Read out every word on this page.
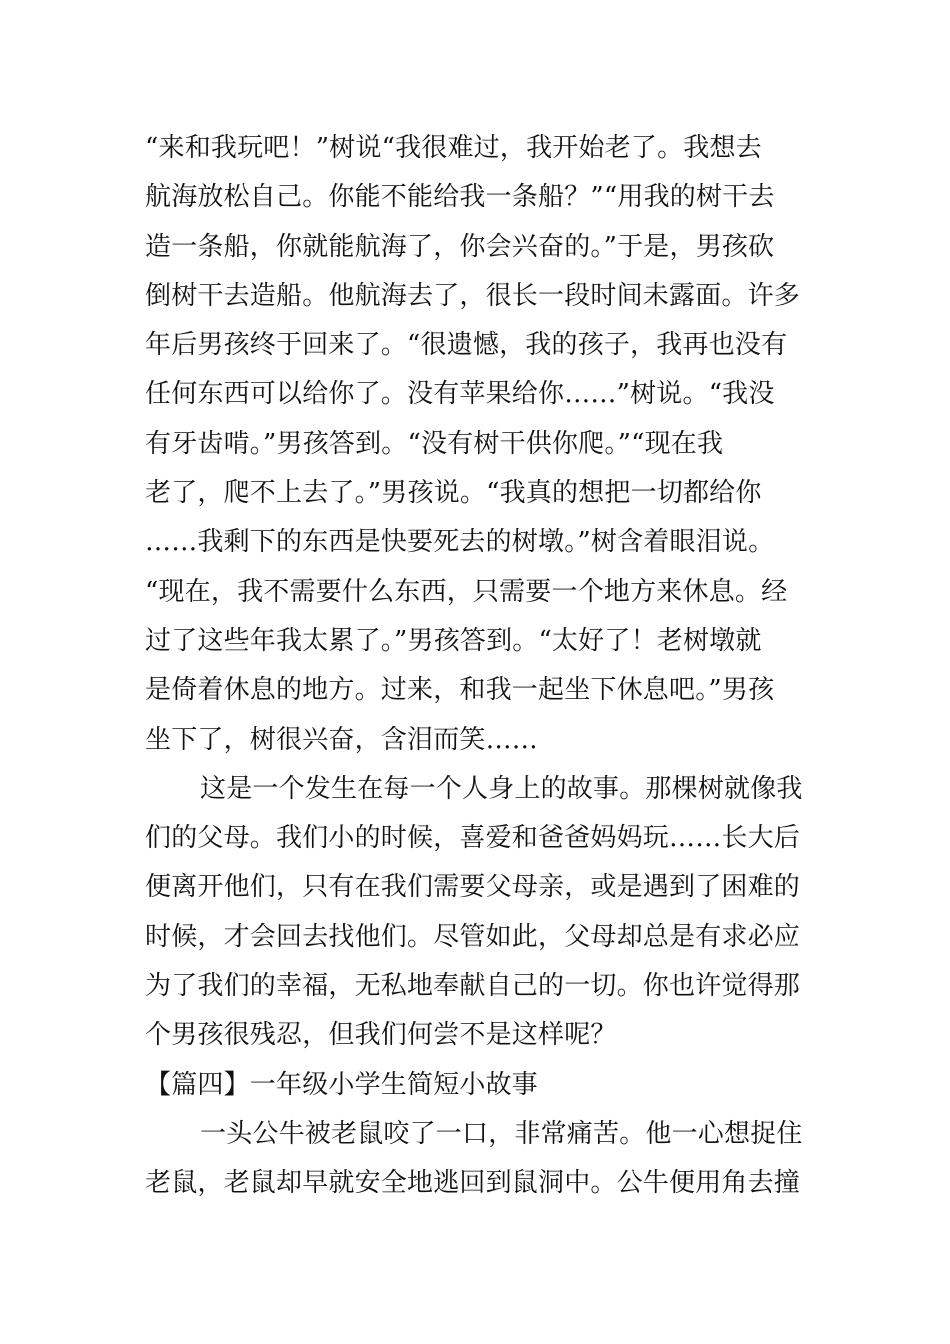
“来和我玩吧！”树说“我很难过，我开始老了。我想去
航海放松自己。你能不能给我一条船？”“用我的树干去
造一条船，你就能航海了，你会兴奋的。”于是，男孩砍
倒树干去造船。他航海去了，很长一段时间未露面。许多
年后男孩终于回来了。“很遗憾，我的孩子，我再也没有
任何东西可以给你了。没有苹果给你……”树说。“我没
有牙齿啃。”男孩答到。“没有树干供你爬。”“现在我
老了，爬不上去了。”男孩说。“我真的想把一切都给你
……我剩下的东西是快要死去的树墩。”树含着眼泪说。
“现在，我不需要什么东西，只需要一个地方来休息。经
过了这些年我太累了。”男孩答到。“太好了！老树墩就
是倚着休息的地方。过来，和我一起坐下休息吧。”男孩
坐下了，树很兴奋，含泪而笑……
这是一个发生在每一个人身上的故事。那棵树就像我
们的父母。我们小的时候，喜爱和爸爸妈妈玩……长大后
便离开他们，只有在我们需要父母亲，或是遇到了困难的
时候，才会回去找他们。尽管如此，父母却总是有求必应
为了我们的幸福，无私地奉献自己的一切。你也许觉得那
个男孩很残忍，但我们何尝不是这样呢？
【篇四】一年级小学生简短小故事
一头公牛被老鼠咬了一口，非常痛苦。他一心想捉住
老鼠，老鼠却早就安全地逃回到鼠洞中。公牛便用角去撞
